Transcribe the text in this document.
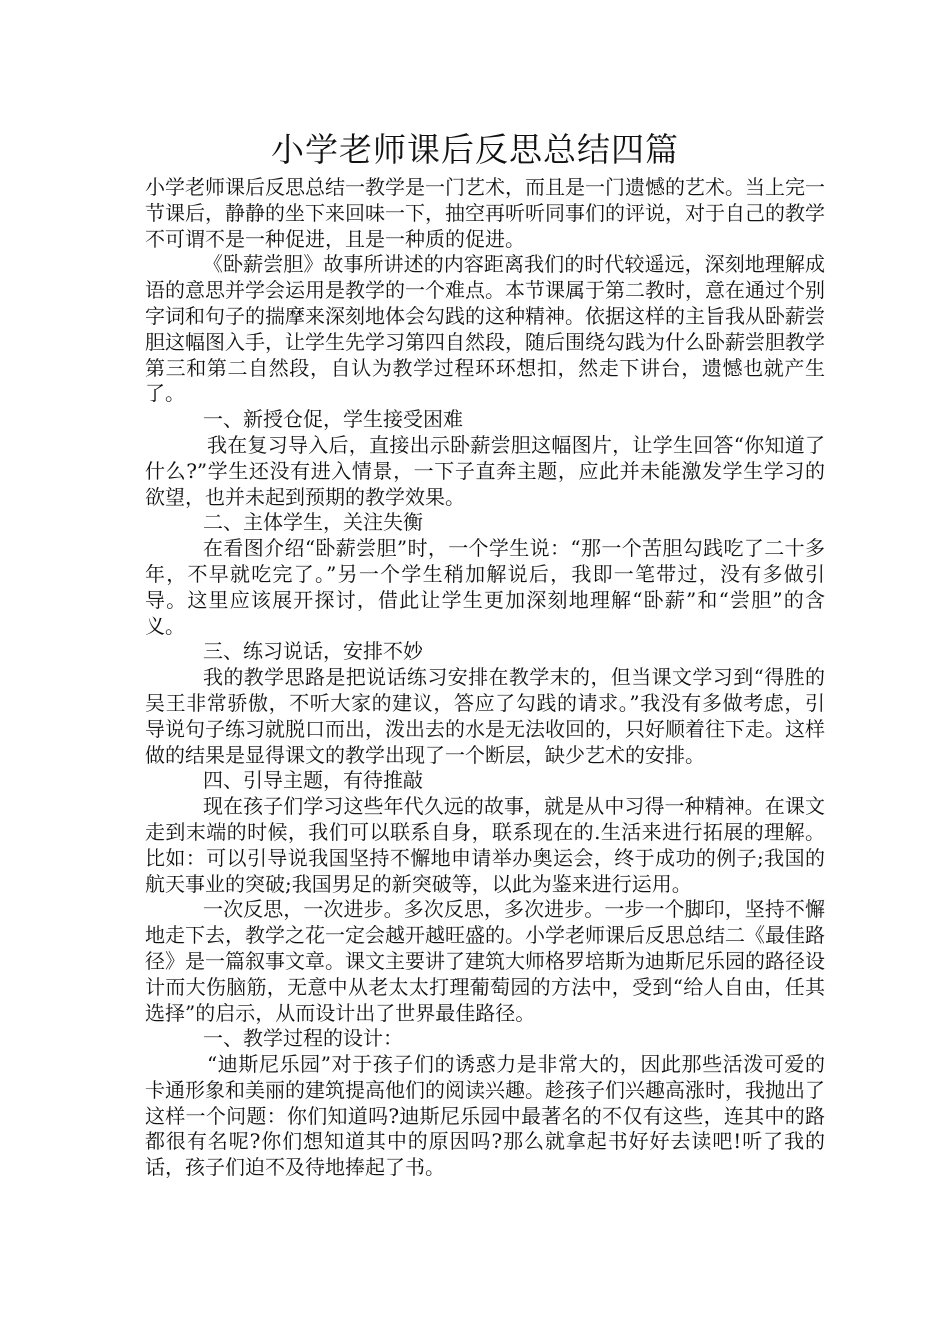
小学老师课后反思总结四篇

小学老师课后反思总结一教学是一门艺术，而且是一门遗憾的艺术。当上完一节课后，静静的坐下来回味一下，抽空再听听同事们的评说，对于自己的教学不可谓不是一种促进，且是一种质的促进。

《卧薪尝胆》故事所讲述的内容距离我们的时代较遥远，深刻地理解成语的意思并学会运用是教学的一个难点。本节课属于第二教时，意在通过个别字词和句子的揣摩来深刻地体会勾践的这种精神。依据这样的主旨我从卧薪尝胆这幅图入手，让学生先学习第四自然段，随后围绕勾践为什么卧薪尝胆教学第三和第二自然段，自认为教学过程环环想扣，然走下讲台，遗憾也就产生了。

一、新授仓促，学生接受困难

我在复习导入后，直接出示卧薪尝胆这幅图片，让学生回答“你知道了什么?”学生还没有进入情景，一下子直奔主题，应此并未能激发学生学习的欲望，也并未起到预期的教学效果。

二、主体学生，关注失衡

在看图介绍“卧薪尝胆”时，一个学生说：“那一个苦胆勾践吃了二十多年，不早就吃完了。”另一个学生稍加解说后，我即一笔带过，没有多做引导。这里应该展开探讨，借此让学生更加深刻地理解“卧薪”和“尝胆”的含义。

三、练习说话，安排不妙

我的教学思路是把说话练习安排在教学末的，但当课文学习到“得胜的吴王非常骄傲，不听大家的建议，答应了勾践的请求。”我没有多做考虑，引导说句子练习就脱口而出，泼出去的水是无法收回的，只好顺着往下走。这样做的结果是显得课文的教学出现了一个断层，缺少艺术的安排。

四、引导主题，有待推敲

现在孩子们学习这些年代久远的故事，就是从中习得一种精神。在课文走到末端的时候，我们可以联系自身，联系现在的.生活来进行拓展的理解。比如：可以引导说我国坚持不懈地申请举办奥运会，终于成功的例子;我国的航天事业的突破;我国男足的新突破等，以此为鉴来进行运用。

一次反思，一次进步。多次反思，多次进步。一步一个脚印，坚持不懈地走下去，教学之花一定会越开越旺盛的。小学老师课后反思总结二《最佳路径》是一篇叙事文章。课文主要讲了建筑大师格罗培斯为迪斯尼乐园的路径设计而大伤脑筋，无意中从老太太打理葡萄园的方法中，受到“给人自由，任其选择”的启示，从而设计出了世界最佳路径。

一、教学过程的设计：

“迪斯尼乐园”对于孩子们的诱惑力是非常大的，因此那些活泼可爱的卡通形象和美丽的建筑提高他们的阅读兴趣。趁孩子们兴趣高涨时，我抛出了这样一个问题：你们知道吗?迪斯尼乐园中最著名的不仅有这些，连其中的路都很有名呢?你们想知道其中的原因吗?那么就拿起书好好去读吧!听了我的话，孩子们迫不及待地捧起了书。
